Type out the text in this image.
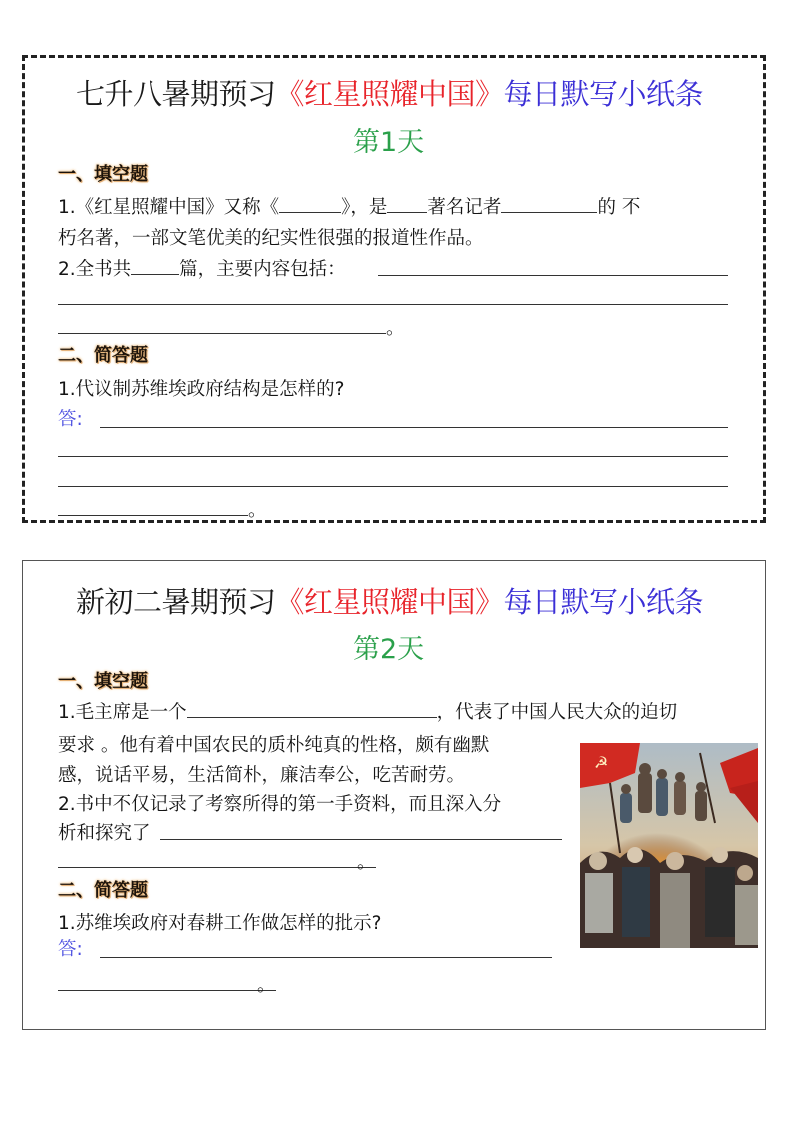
七升八暑期预习《红星照耀中国》每日默写小纸条
第1天
一、填空题
1.《红星照耀中国》又称《	》，是 著名记者	的 不
朽名著，一部文笔优美的纪实性很强的报道性作品。
2.全书共	篇，主要内容包括：
。
二、简答题
1.代议制苏维埃政府结构是怎样的?
答:
。
新初二暑期预习《红星照耀中国》每日默写小纸条
第2天
一、填空题
1.毛主席是一个	，代表了中国人民大众的迫切
要求 。他有着中国农民的质朴纯真的性格，颇有幽默
感，说话平易，生活简朴，廉洁奉公，吃苦耐劳。
2.书中不仅记录了考察所得的第一手资料，而且深入分
析和探究了
。
二、简答题
1.苏维埃政府对春耕工作做怎样的批示?
答:
。
☭
